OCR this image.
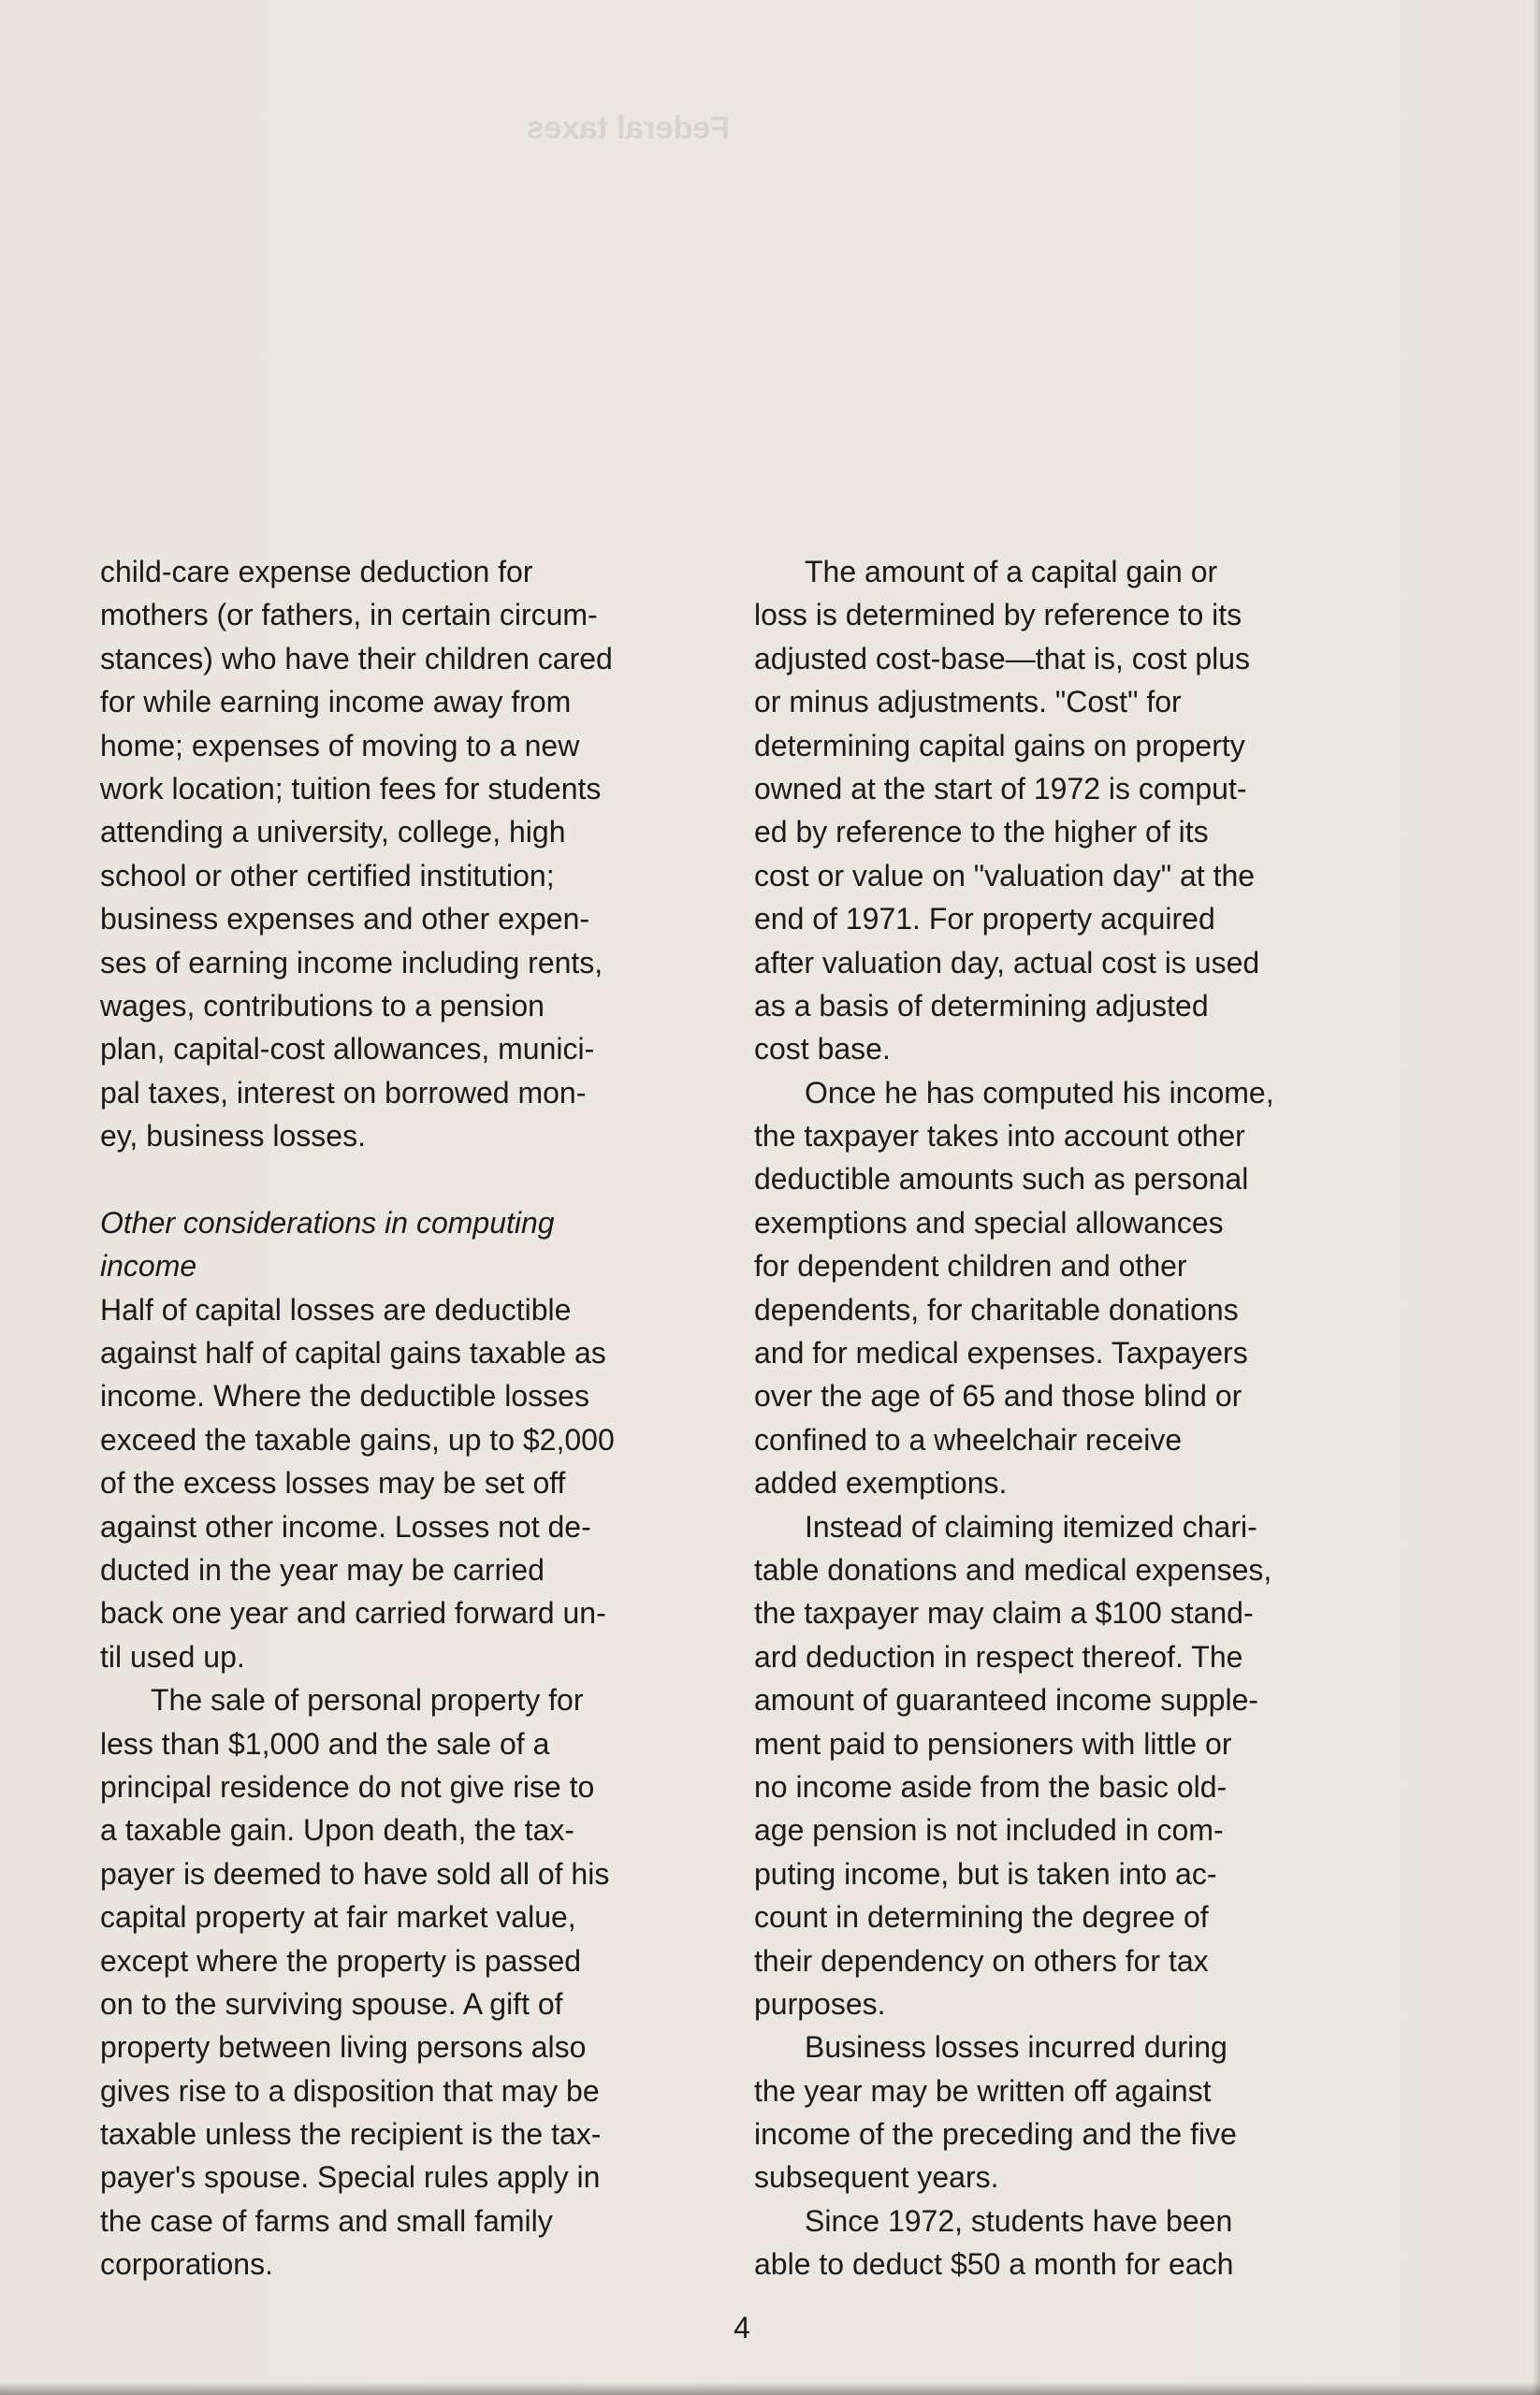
Federal taxes
child-care expense deduction for
mothers (or fathers, in certain circum-
stances) who have their children cared
for while earning income away from
home; expenses of moving to a new
work location; tuition fees for students
attending a university, college, high
school or other certified institution;
business expenses and other expen-
ses of earning income including rents,
wages, contributions to a pension
plan, capital-cost allowances, munici-
pal taxes, interest on borrowed mon-
ey, business losses.
Other considerations in computing
income
Half of capital losses are deductible
against half of capital gains taxable as
income. Where the deductible losses
exceed the taxable gains, up to $2,000
of the excess losses may be set off
against other income. Losses not de-
ducted in the year may be carried
back one year and carried forward un-
til used up.
The sale of personal property for
less than $1,000 and the sale of a
principal residence do not give rise to
a taxable gain. Upon death, the tax-
payer is deemed to have sold all of his
capital property at fair market value,
except where the property is passed
on to the surviving spouse. A gift of
property between living persons also
gives rise to a disposition that may be
taxable unless the recipient is the tax-
payer's spouse. Special rules apply in
the case of farms and small family
corporations.
The amount of a capital gain or
loss is determined by reference to its
adjusted cost-base—that is, cost plus
or minus adjustments. "Cost" for
determining capital gains on property
owned at the start of 1972 is comput-
ed by reference to the higher of its
cost or value on "valuation day" at the
end of 1971. For property acquired
after valuation day, actual cost is used
as a basis of determining adjusted
cost base.
Once he has computed his income,
the taxpayer takes into account other
deductible amounts such as personal
exemptions and special allowances
for dependent children and other
dependents, for charitable donations
and for medical expenses. Taxpayers
over the age of 65 and those blind or
confined to a wheelchair receive
added exemptions.
Instead of claiming itemized chari-
table donations and medical expenses,
the taxpayer may claim a $100 stand-
ard deduction in respect thereof. The
amount of guaranteed income supple-
ment paid to pensioners with little or
no income aside from the basic old-
age pension is not included in com-
puting income, but is taken into ac-
count in determining the degree of
their dependency on others for tax
purposes.
Business losses incurred during
the year may be written off against
income of the preceding and the five
subsequent years.
Since 1972, students have been
able to deduct $50 a month for each
4
